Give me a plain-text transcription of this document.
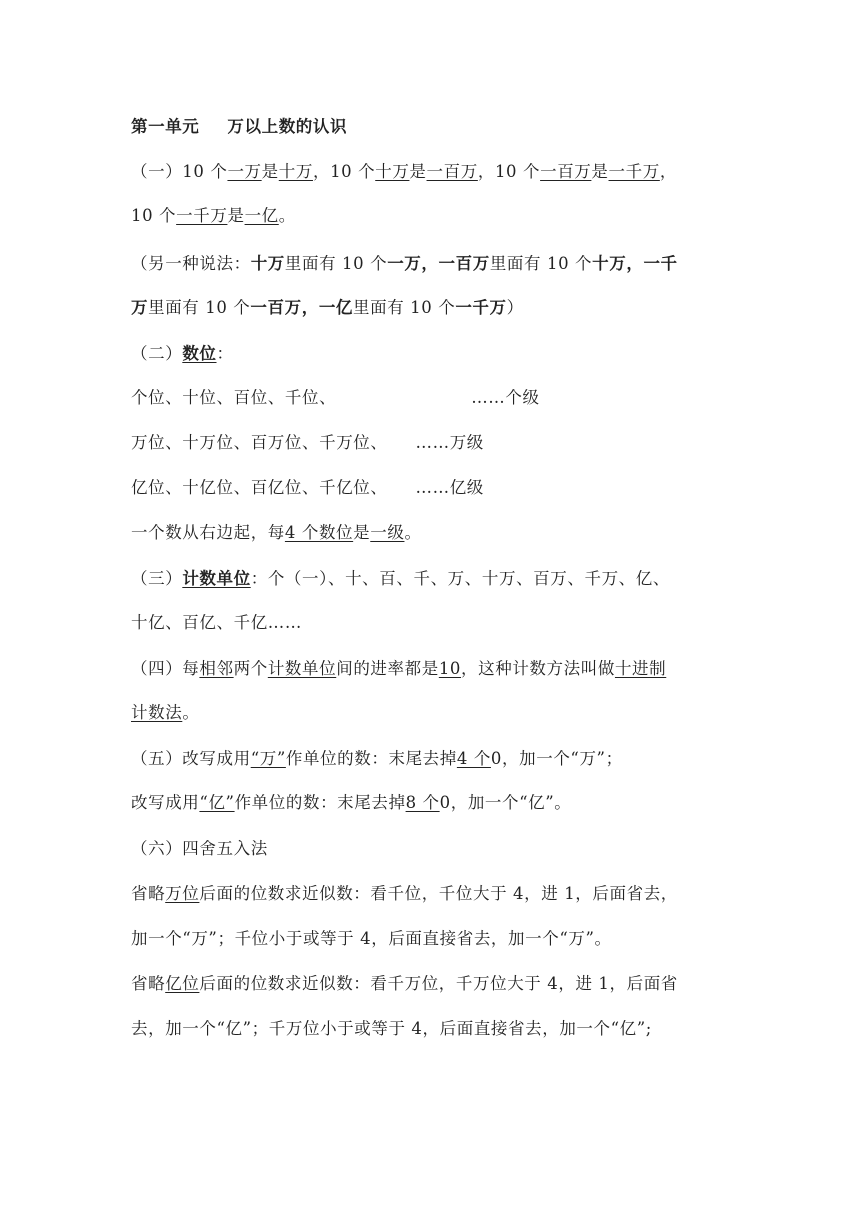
第一单元 万以上数的认识
（一）10 个一万是十万，10 个十万是一百万，10 个一百万是一千万，
10 个一千万是一亿。
（另一种说法：十万里面有 10 个一万，一百万里面有 10 个十万，一千
万里面有 10 个一百万，一亿里面有 10 个一千万）
（二）数位：
个位、十位、百位、千位、	……个级
万位、十万位、百万位、千万位、 ……万级
亿位、十亿位、百亿位、千亿位、 ……亿级
一个数从右边起，每4 个数位是一级。
（三）计数单位：个（一）、十、百、千、万、十万、百万、千万、亿、
十亿、百亿、千亿……
（四）每相邻两个计数单位间的进率都是10，这种计数方法叫做十进制
计数法。
（五）改写成用“万”作单位的数：末尾去掉4 个0，加一个“万”；
改写成用“亿”作单位的数：末尾去掉8 个0，加一个“亿”。
（六）四舍五入法
省略万位后面的位数求近似数：看千位，千位大于 4，进 1，后面省去，
加一个“万”；千位小于或等于 4，后面直接省去，加一个“万”。
省略亿位后面的位数求近似数：看千万位，千万位大于 4，进 1，后面省
去，加一个“亿”；千万位小于或等于 4，后面直接省去，加一个“亿”;
